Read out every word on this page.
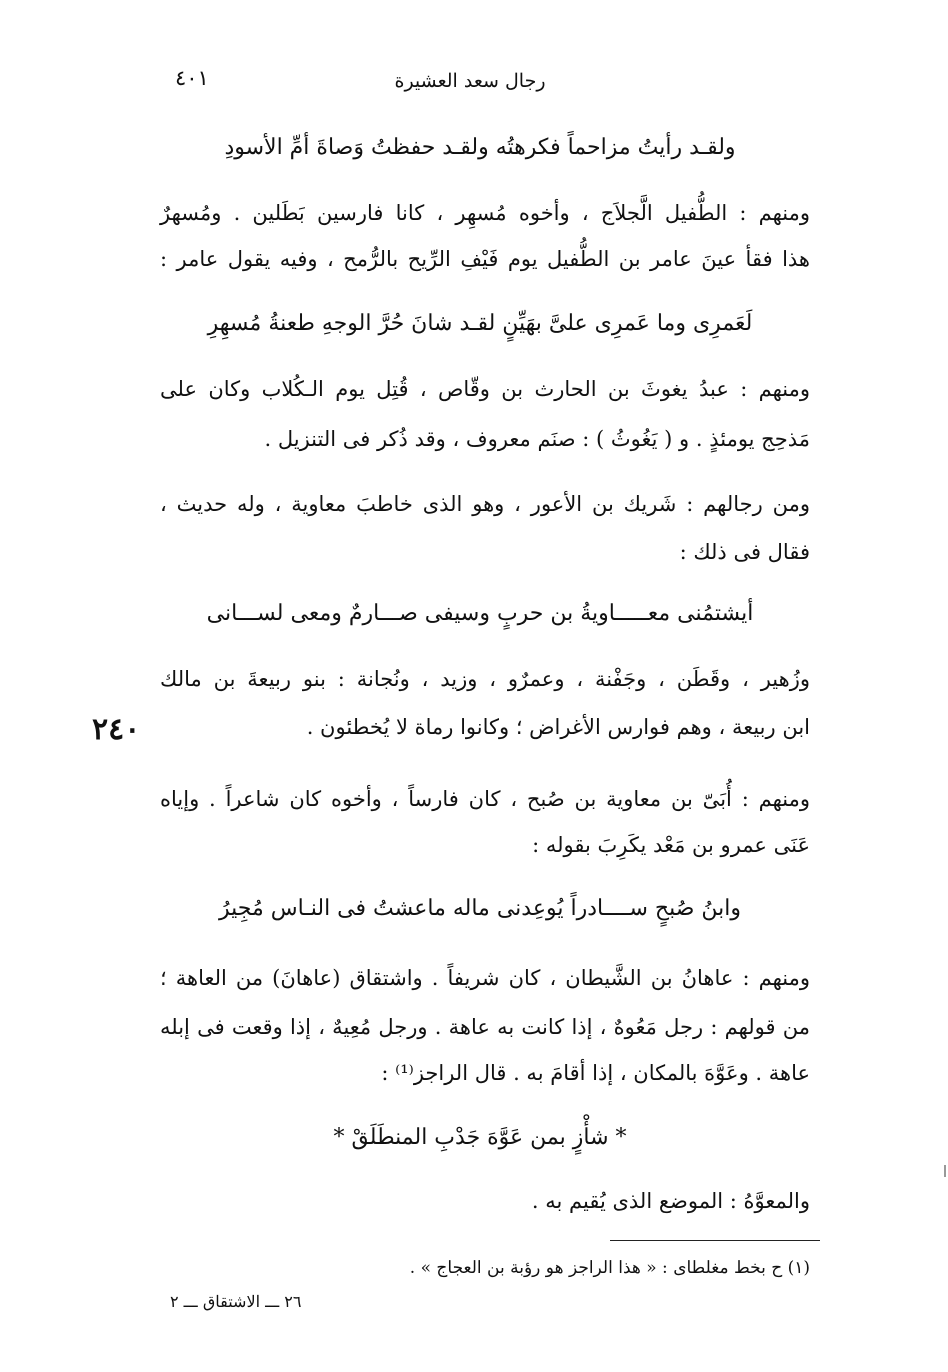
رجال سعد العشيرة
٤٠١
ولقـد رأيتُ مزاحماً فكرهتُه ولقـد حفظتُ وَصاةَ أمِّ الأسودِ
ومنهم : الطُّفيل الَّجلاَج ، وأخوه مُسهِر ، كانا فارسين بَطَلين . ومُسهرٌ
هذا فقأ عينَ عامر بن الطُّفيل يوم فَيْفِ الرِّيح بالرُّمح ، وفيه يقول عامر :
لَعَمرِى وما عَمرِى علىَّ بهَيِّنٍ لقـد شانَ حُرَّ الوجهِ طعنةُ مُسهِرِ
ومنهم : عبدُ يغوثَ بن الحارث بن وقّاص ، قُتِل يوم الـكُلاب وكان على
مَذحِج يومئذٍ . و ( يَغُوثُ ) : صنَم معروف ، وقد ذُكر فى التنزيل .
ومن رجالهم : شَريك بن الأعور ، وهو الذى خاطبَ معاوية ، وله حديث ،
فقال فى ذلك :
أيشتمُنى معـــــاويةُ بن حربٍ وسيفى صـــارمٌ ومعى لســـانى
وزُهير ، وقَطَن ، وجَفْنة ، وعمرٌو ، وزيد ، ونُجانة : بنو ربيعةَ بن مالك
ابن ربيعة ، وهم فوارس الأغراض ؛ وكانوا رماة لا يُخطئون .
٢٤٠
ومنهم : أُبَىّ بن معاوية بن صُبح ، كان فارساً ، وأخوه كان شاعراً . وإياه
عَنَى عمرو بن مَعْد يكَرِبَ بقوله :
وابنُ صُبحٍ ســــادراً يُوعِدنى ماله ماعشتُ فى النـاس مُجِيرُ
ومنهم : عاهانُ بن الشَّيطان ، كان شريفاً . واشتقاق (عاهانَ) من العاهة ؛
من قولهم : رجل مَعُوهٌ ، إذا كانت به عاهة . ورجل مُعِيهٌ ، إذا وقعت فى إبله
عاهة . وعَوَّهَ بالمكان ، إذا أقامَ به . قال الراجز⁽¹⁾ :
* شأْزٍ بمن عَوَّهَ جَدْبِ المنطَلَقْ *
والمعوَّهُ : الموضع الذى يُقيم به .
(١) ح بخط مغلطاى : « هذا الراجز هو رؤبة بن العجاج » .
٢٦ ـــ الاشتقاق ـــ ٢
